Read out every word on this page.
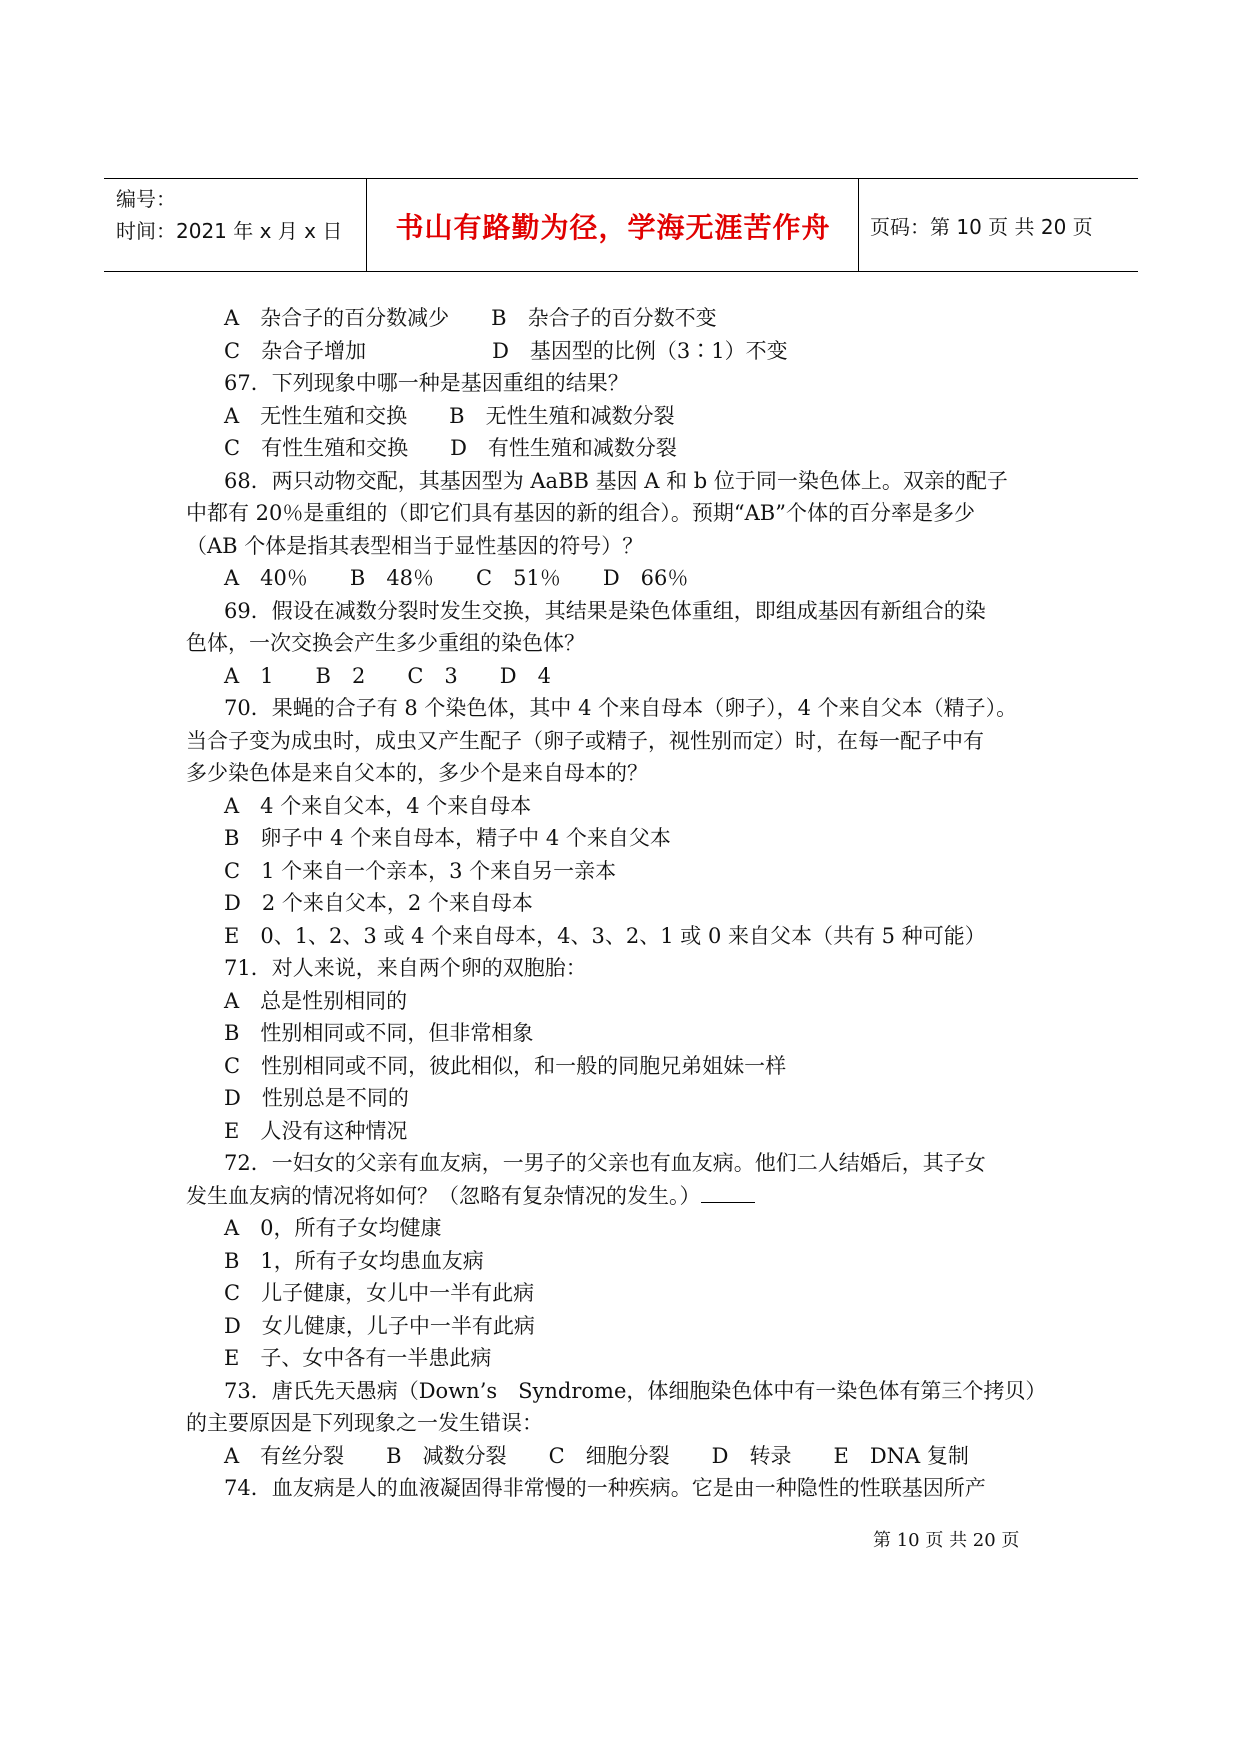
编号：
时间：2021 年 x 月 x 日	书山有路勤为径，学海无涯苦作舟	页码：第 10 页 共 20 页
A　杂合子的百分数减少　　B　杂合子的百分数不变
C　杂合子增加　　　　　　D　基因型的比例（3∶1）不变
67．下列现象中哪一种是基因重组的结果？
A　无性生殖和交换　　B　无性生殖和减数分裂
C　有性生殖和交换　　D　有性生殖和减数分裂
68．两只动物交配，其基因型为 AaBB 基因 A 和 b 位于同一染色体上。双亲的配子
中都有 20％是重组的（即它们具有基因的新的组合）。预期“AB”个体的百分率是多少
（AB 个体是指其表型相当于显性基因的符号）？
A　40％　　B　48％　　C　51％　　D　66％
69．假设在减数分裂时发生交换，其结果是染色体重组，即组成基因有新组合的染
色体，一次交换会产生多少重组的染色体？
A　1　　B　2　　C　3　　D　4
70．果蝇的合子有 8 个染色体，其中 4 个来自母本（卵子），4 个来自父本（精子）。
当合子变为成虫时，成虫又产生配子（卵子或精子，视性别而定）时，在每一配子中有
多少染色体是来自父本的，多少个是来自母本的？
A　4 个来自父本，4 个来自母本
B　卵子中 4 个来自母本，精子中 4 个来自父本
C　1 个来自一个亲本，3 个来自另一亲本
D　2 个来自父本，2 个来自母本
E　0、1、2、3 或 4 个来自母本，4、3、2、1 或 0 来自父本（共有 5 种可能）
71．对人来说，来自两个卵的双胞胎：
A　总是性别相同的
B　性别相同或不同，但非常相象
C　性别相同或不同，彼此相似，和一般的同胞兄弟姐妹一样
D　性别总是不同的
E　人没有这种情况
72．一妇女的父亲有血友病，一男子的父亲也有血友病。他们二人结婚后，其子女
发生血友病的情况将如何？（忽略有复杂情况的发生。）
A　0，所有子女均健康
B　1，所有子女均患血友病
C　儿子健康，女儿中一半有此病
D　女儿健康，儿子中一半有此病
E　子、女中各有一半患此病
73．唐氏先天愚病（Down’s　Syndrome，体细胞染色体中有一染色体有第三个拷贝）
的主要原因是下列现象之一发生错误：
A　有丝分裂　　B　减数分裂　　C　细胞分裂　　D　转录　　E　DNA 复制
74．血友病是人的血液凝固得非常慢的一种疾病。它是由一种隐性的性联基因所产
第 10 页 共 20 页
